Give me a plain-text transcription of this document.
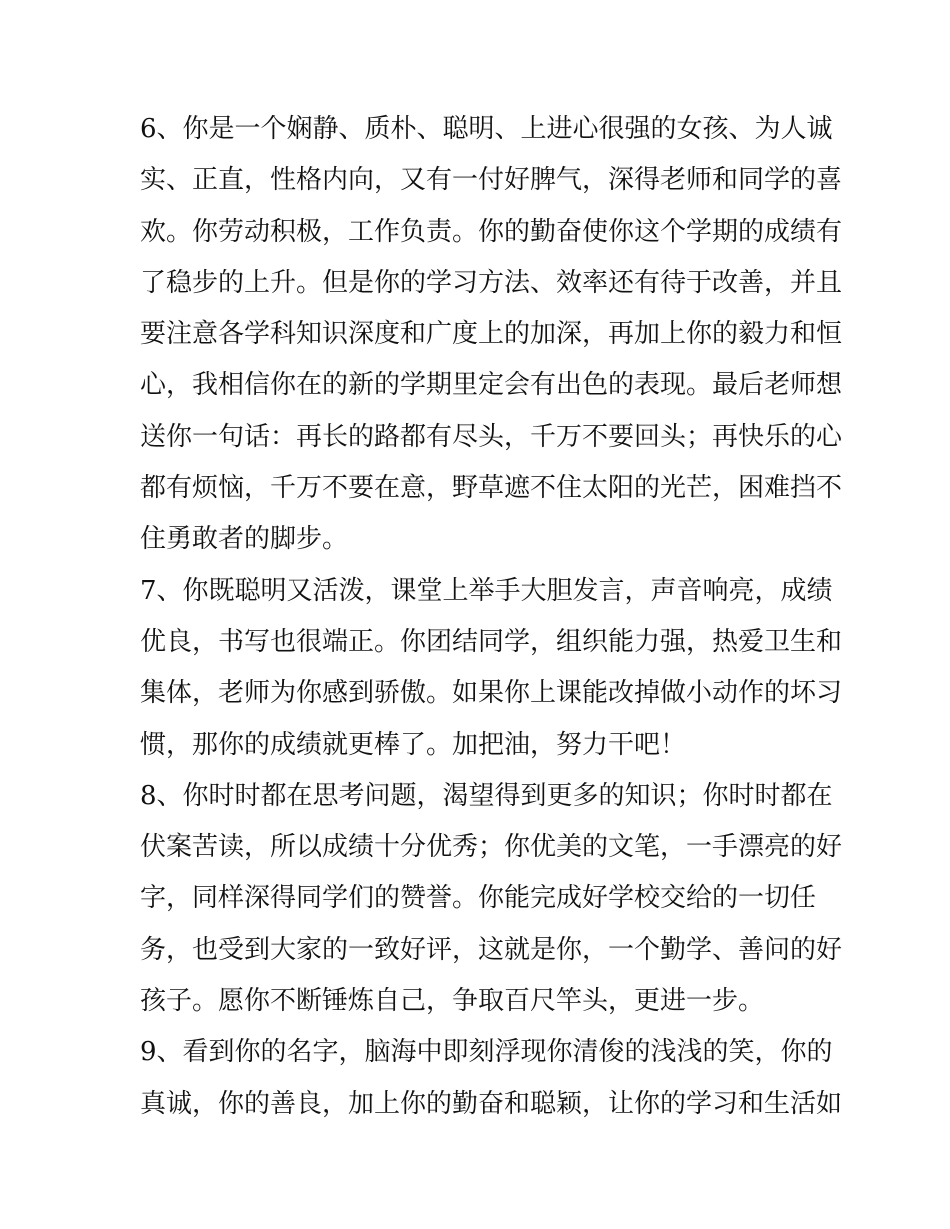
6、你是一个娴静、质朴、聪明、上进心很强的女孩、为人诚
实、正直，性格内向，又有一付好脾气，深得老师和同学的喜
欢。你劳动积极，工作负责。你的勤奋使你这个学期的成绩有
了稳步的上升。但是你的学习方法、效率还有待于改善，并且
要注意各学科知识深度和广度上的加深，再加上你的毅力和恒
心，我相信你在的新的学期里定会有出色的表现。最后老师想
送你一句话：再长的路都有尽头，千万不要回头；再快乐的心
都有烦恼，千万不要在意，野草遮不住太阳的光芒，困难挡不
住勇敢者的脚步。
7、你既聪明又活泼，课堂上举手大胆发言，声音响亮，成绩
优良，书写也很端正。你团结同学，组织能力强，热爱卫生和
集体，老师为你感到骄傲。如果你上课能改掉做小动作的坏习
惯，那你的成绩就更棒了。加把油，努力干吧！
8、你时时都在思考问题，渴望得到更多的知识；你时时都在
伏案苦读，所以成绩十分优秀；你优美的文笔，一手漂亮的好
字，同样深得同学们的赞誉。你能完成好学校交给的一切任
务，也受到大家的一致好评，这就是你，一个勤学、善问的好
孩子。愿你不断锤炼自己，争取百尺竿头，更进一步。
9、看到你的名字，脑海中即刻浮现你清俊的浅浅的笑，你的
真诚，你的善良，加上你的勤奋和聪颖，让你的学习和生活如
